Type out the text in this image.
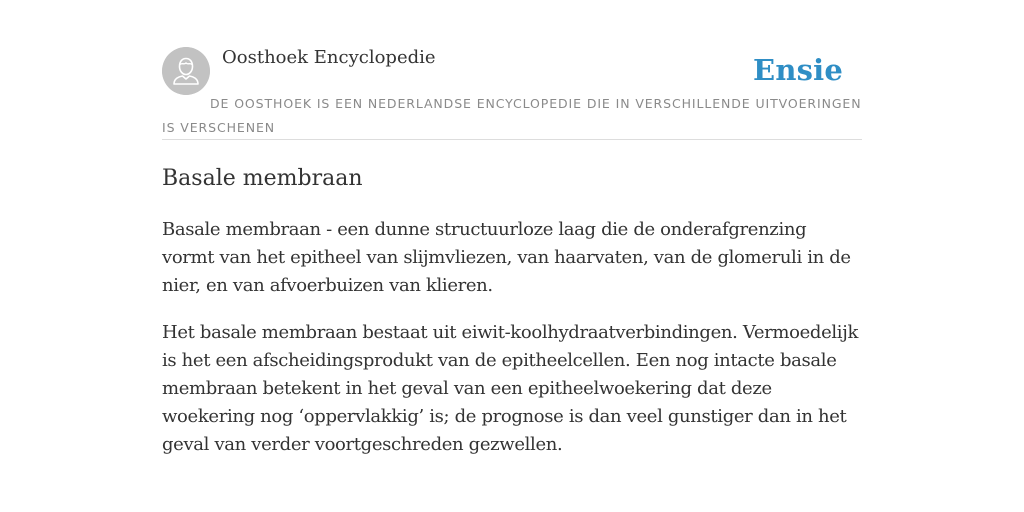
Oosthoek Encyclopedie	Ensie
DE OOSTHOEK IS EEN NEDERLANDSE ENCYCLOPEDIE DIE IN VERSCHILLENDE UITVOERINGEN IS VERSCHENEN
Basale membraan

Basale membraan - een dunne structuurloze laag die de onderafgrenzing vormt van het epitheel van slijmvliezen, van haarvaten, van de glomeruli in de nier, en van afvoerbuizen van klieren.

Het basale membraan bestaat uit eiwit-koolhydraatverbindingen. Vermoedelijk is het een afscheidingsprodukt van de epitheelcellen. Een nog intacte basale membraan betekent in het geval van een epitheelwoekering dat deze woekering nog ‘oppervlakkig’ is; de prognose is dan veel gunstiger dan in het geval van verder voortgeschreden gezwellen.
